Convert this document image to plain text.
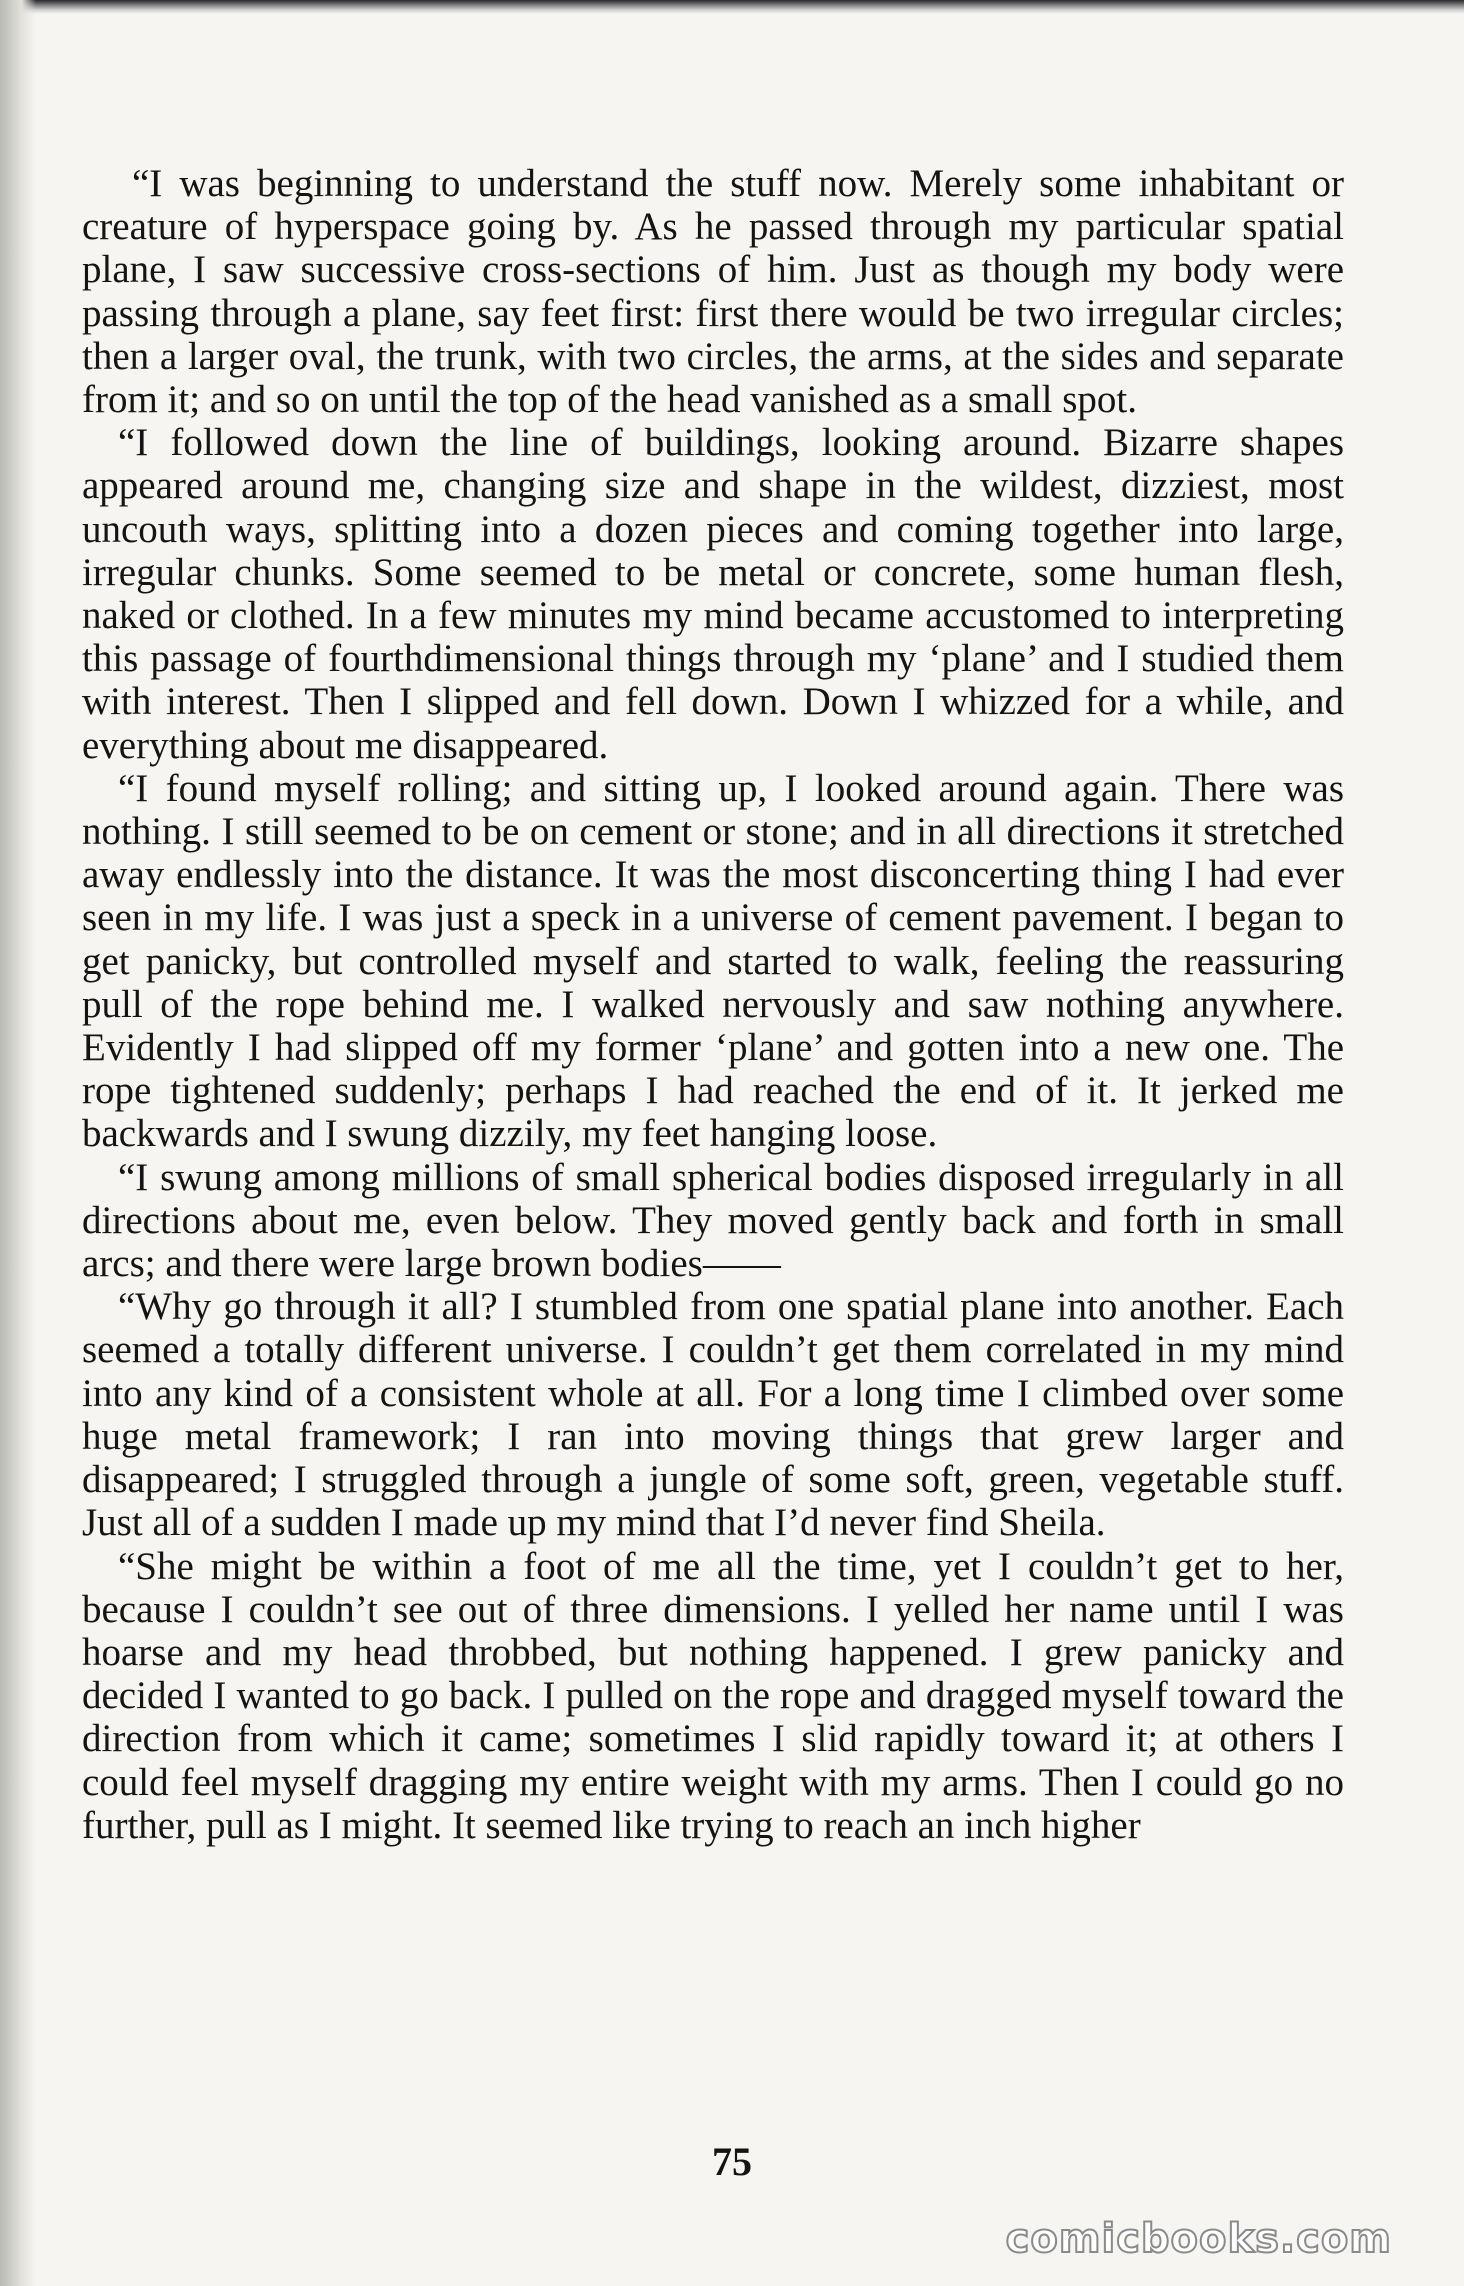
“I was beginning to understand the stuff now. Merely some inhabitant or creature of hyperspace going by. As he passed through my particular spatial plane, I saw successive cross-sections of him. Just as though my body were passing through a plane, say feet first: first there would be two irregular circles; then a larger oval, the trunk, with two circles, the arms, at the sides and separate from it; and so on until the top of the head vanished as a small spot.

“I followed down the line of buildings, looking around. Bizarre shapes appeared around me, changing size and shape in the wildest, dizziest, most uncouth ways, splitting into a dozen pieces and coming together into large, irregular chunks. Some seemed to be metal or concrete, some human flesh, naked or clothed. In a few minutes my mind became accustomed to interpreting this passage of fourthdimensional things through my ‘plane’ and I studied them with interest. Then I slipped and fell down. Down I whizzed for a while, and everything about me disappeared.

“I found myself rolling; and sitting up, I looked around again. There was nothing. I still seemed to be on cement or stone; and in all directions it stretched away endlessly into the distance. It was the most disconcerting thing I had ever seen in my life. I was just a speck in a universe of cement pavement. I began to get panicky, but controlled myself and started to walk, feeling the reassuring pull of the rope behind me. I walked nervously and saw nothing anywhere. Evidently I had slipped off my former ‘plane’ and gotten into a new one. The rope tightened suddenly; perhaps I had reached the end of it. It jerked me backwards and I swung dizzily, my feet hanging loose.

“I swung among millions of small spherical bodies disposed irregularly in all directions about me, even below. They moved gently back and forth in small arcs; and there were large brown bodies——

“Why go through it all? I stumbled from one spatial plane into another. Each seemed a totally different universe. I couldn’t get them correlated in my mind into any kind of a consistent whole at all. For a long time I climbed over some huge metal framework; I ran into moving things that grew larger and disappeared; I struggled through a jungle of some soft, green, vegetable stuff. Just all of a sudden I made up my mind that I’d never find Sheila.

“She might be within a foot of me all the time, yet I couldn’t get to her, because I couldn’t see out of three dimensions. I yelled her name until I was hoarse and my head throbbed, but nothing happened. I grew panicky and decided I wanted to go back. I pulled on the rope and dragged myself toward the direction from which it came; sometimes I slid rapidly toward it; at others I could feel myself dragging my entire weight with my arms. Then I could go no further, pull as I might. It seemed like trying to reach an inch higher

75
comicbooks.com
